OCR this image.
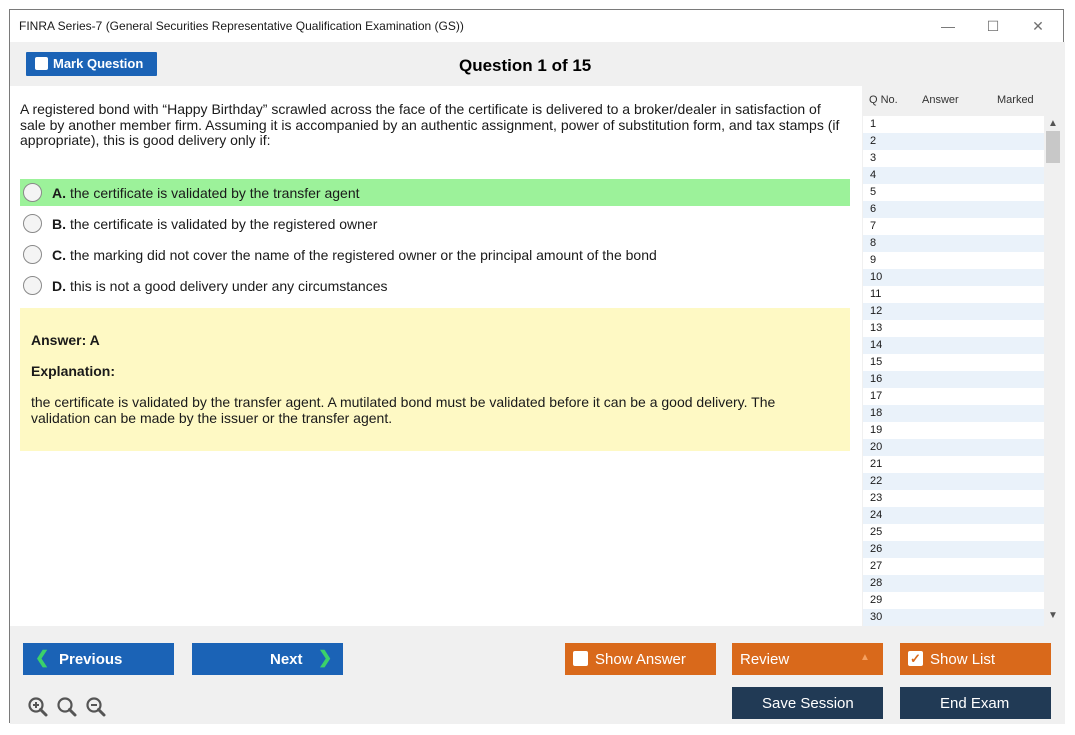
FINRA Series-7 (General Securities Representative Qualification Examination (GS))	—	☐	✕
Mark Question	Question 1 of 15
A registered bond with “Happy Birthday” scrawled across the face of the certificate is delivered to a broker/dealer in satisfaction of sale by another member firm. Assuming it is accompanied by an authentic assignment, power of substitution form, and tax stamps (if appropriate), this is good delivery only if:
A. the certificate is validated by the transfer agent
B. the certificate is validated by the registered owner
C. the marking did not cover the name of the registered owner or the principal amount of the bond
D. this is not a good delivery under any circumstances
Answer: A
Explanation:
the certificate is validated by the transfer agent. A mutilated bond must be validated before it can be a good delivery. The validation can be made by the issuer or the transfer agent.
Q No. Answer	Marked
1
2
3
4
5
6
7
8
9
10
11
12
13
14
15
16
17
18
19
20
21
22
23
24
25
26
27
28
29
30
▲
▼
❮ Previous	Next ❯	Show Answer	Review	▲	✓ Show List
Save Session	End Exam
